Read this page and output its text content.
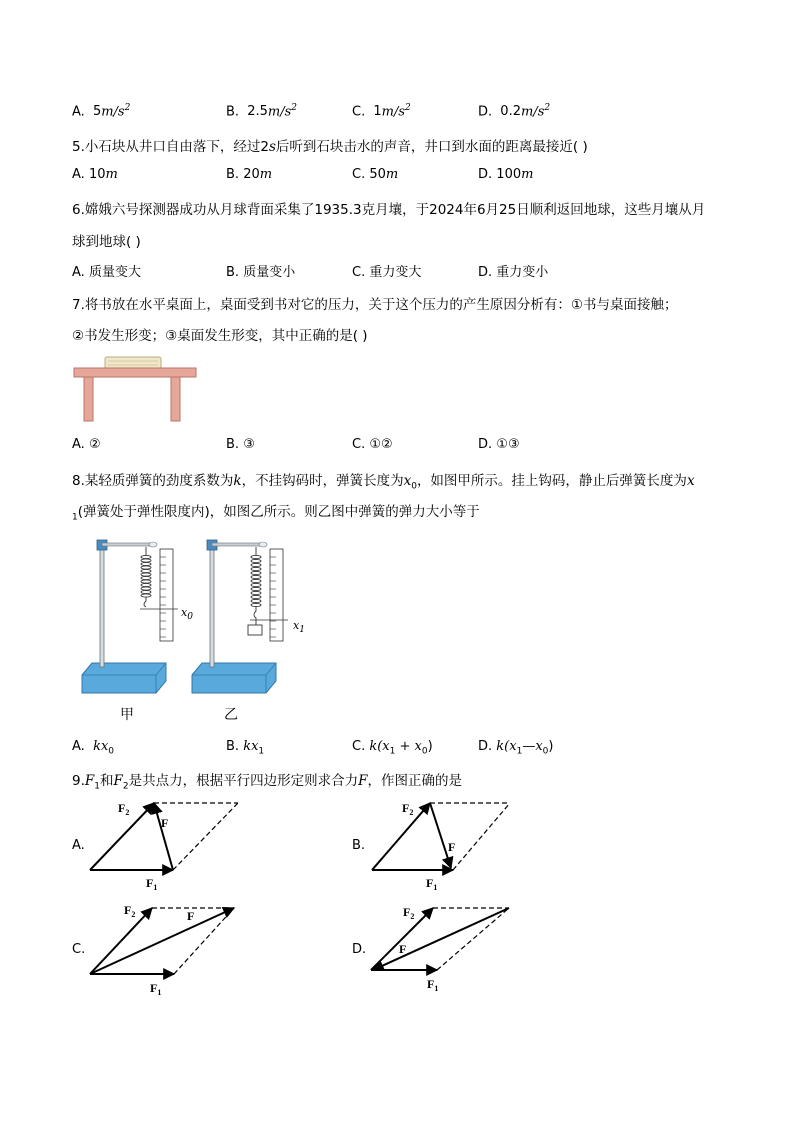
A. $5m/s^2$	B. $2.5m/s^2$	C. $1m/s^2$	D. $0.2m/s^2$
5.小石块从井口自由落下，经过2s后听到石块击水的声音，井口到水面的距离最接近( )
A. 10m	B. 20m	C. 50m	D. 100m
6.嫦娥六号探测器成功从月球背面采集了1935.3克月壤，于2024年6月25日顺利返回地球，这些月壤从月
球到地球( )
A. 质量变大	B. 质量变小	C. 重力变大	D. 重力变小
7.将书放在水平桌面上，桌面受到书对它的压力，关于这个压力的产生原因分析有：①书与桌面接触；
②书发生形变；③桌面发生形变，其中正确的是( )
A. ②	B. ③	C. ①②	D. ①③
8.某轻质弹簧的劲度系数为k，不挂钩码时，弹簧长度为$x_0$，如图甲所示。挂上钩码，静止后弹簧长度为x
$_1$(弹簧处于弹性限度内)，如图乙所示。则乙图中弹簧的弹力大小等于
$x_0$
$x_1$
甲	乙
A. $kx_0$	B. $kx_1$	C. $k(x_1 + x_0)$	D. $k(x_1—x_0)$
$9.F_1$和$F_2$是共点力，根据平行四边形定则求合力F，作图正确的是
A.
$F_2$
F
$F_1$
B.
$F_2$
F
$F_1$
C.
$F_2$	F
$F_1$
D.
$F_2$
F
$F_1$
